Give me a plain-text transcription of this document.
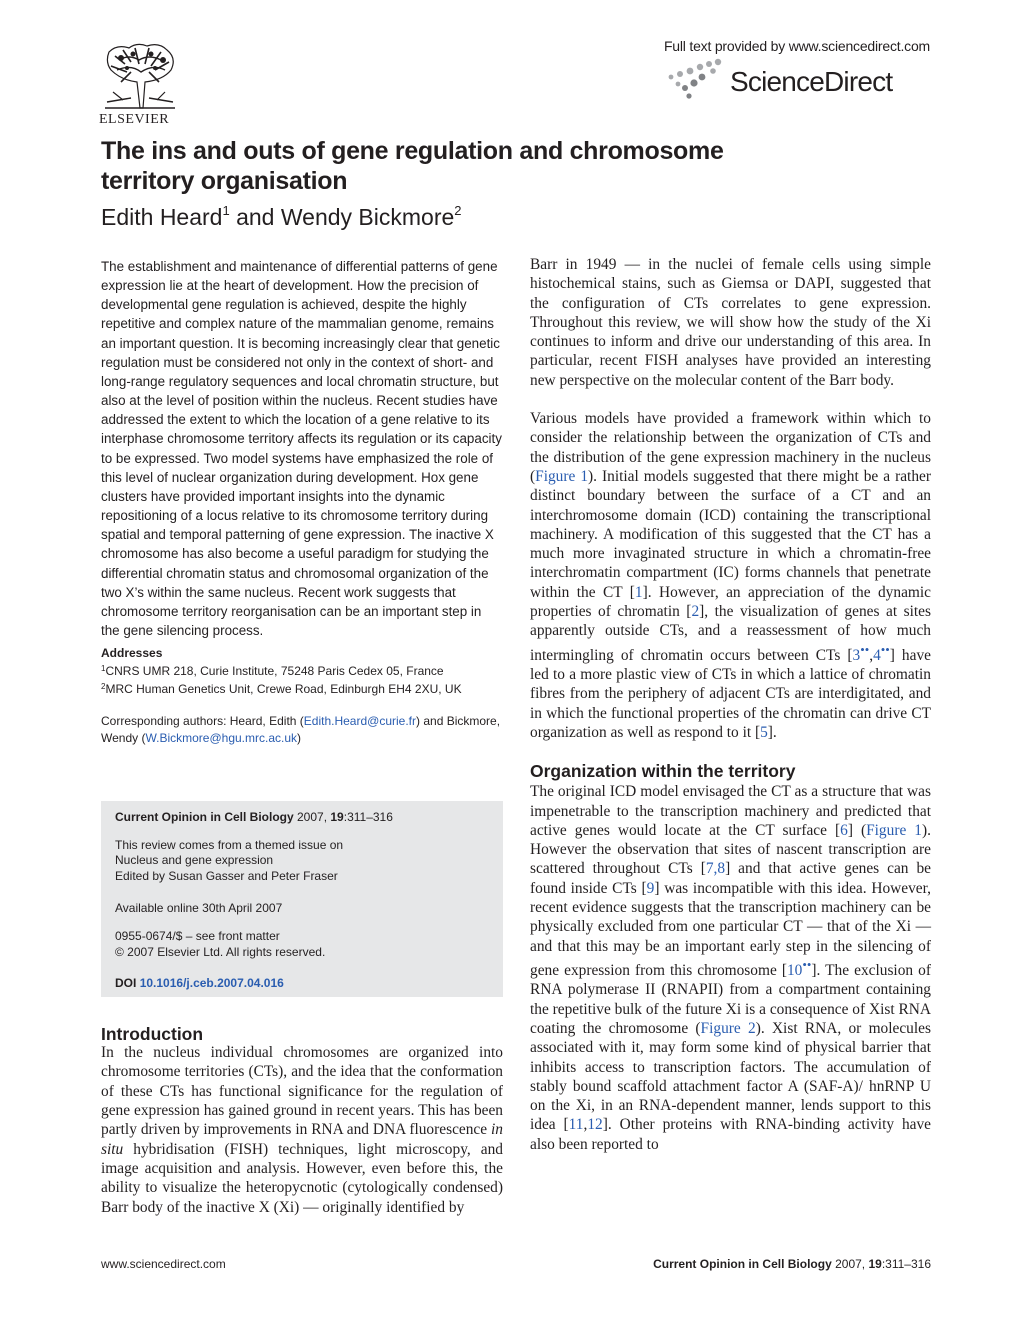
ELSEVIER
Full text provided by www.sciencedirect.com
ScienceDirect
The ins and outs of gene regulation and chromosome territory organisation
Edith Heard$^1$ and Wendy Bickmore$^2$

The establishment and maintenance of differential patterns of gene expression lie at the heart of development. How the precision of developmental gene regulation is achieved, despite the highly repetitive and complex nature of the mammalian genome, remains an important question. It is becoming increasingly clear that genetic regulation must be considered not only in the context of short- and long-range regulatory sequences and local chromatin structure, but also at the level of position within the nucleus. Recent studies have addressed the extent to which the location of a gene relative to its interphase chromosome territory affects its regulation or its capacity to be expressed. Two model systems have emphasized the role of this level of nuclear organization during development. Hox gene clusters have provided important insights into the dynamic repositioning of a locus relative to its chromosome territory during spatial and temporal patterning of gene expression. The inactive X chromosome has also become a useful paradigm for studying the differential chromatin status and chromosomal organization of the two X’s within the same nucleus. Recent work suggests that chromosome territory reorganisation can be an important step in the gene silencing process.

Addresses
$^1$CNRS UMR 218, Curie Institute, 75248 Paris Cedex 05, France
$^2$MRC Human Genetics Unit, Crewe Road, Edinburgh EH4 2XU, UK
Corresponding authors: Heard, Edith (Edith.Heard@curie.fr) and Bickmore, Wendy (W.Bickmore@hgu.mrc.ac.uk)
Current Opinion in Cell Biology 2007, 19:311–316
This review comes from a themed issue on
Nucleus and gene expression
Edited by Susan Gasser and Peter Fraser
Available online 30th April 2007
0955-0674/$ – see front matter
© 2007 Elsevier Ltd. All rights reserved.
DOI 10.1016/j.ceb.2007.04.016
Introduction

In the nucleus individual chromosomes are organized into chromosome territories (CTs), and the idea that the conformation of these CTs has functional significance for the regulation of gene expression has gained ground in recent years. This has been partly driven by improvements in RNA and DNA fluorescence in situ hybridisation (FISH) techniques, light microscopy, and image acquisition and analysis. However, even before this, the ability to visualize the heteropycnotic (cytologically condensed) Barr body of the inactive X (Xi) — originally identified by

Barr in 1949 — in the nuclei of female cells using simple histochemical stains, such as Giemsa or DAPI, suggested that the configuration of CTs correlates to gene expression. Throughout this review, we will show how the study of the Xi continues to inform and drive our understanding of this area. In particular, recent FISH analyses have provided an interesting new perspective on the molecular content of the Barr body.

Various models have provided a framework within which to consider the relationship between the organization of CTs and the distribution of the gene expression machinery in the nucleus (Figure 1). Initial models suggested that there might be a rather distinct boundary between the surface of a CT and an interchromosome domain (ICD) containing the transcriptional machinery. A modification of this suggested that the CT has a much more invaginated structure in which a chromatin-free interchromatin compartment (IC) forms channels that penetrate within the CT [1]. However, an appreciation of the dynamic properties of chromatin [2], the visualization of genes at sites apparently outside CTs, and a reassessment of how much intermingling of chromatin occurs between CTs [3••,4••] have led to a more plastic view of CTs in which a lattice of chromatin fibres from the periphery of adjacent CTs are interdigitated, and in which the functional properties of the chromatin can drive CT organization as well as respond to it [5].

Organization within the territory

The original ICD model envisaged the CT as a structure that was impenetrable to the transcription machinery and predicted that active genes would locate at the CT surface [6] (Figure 1). However the observation that sites of nascent transcription are scattered throughout CTs [7,8] and that active genes can be found inside CTs [9] was incompatible with this idea. However, recent evidence suggests that the transcription machinery can be physically excluded from one particular CT — that of the Xi — and that this may be an important early step in the silencing of gene expression from this chromosome [10••]. The exclusion of RNA polymerase II (RNAPII) from a compartment containing the repetitive bulk of the future Xi is a consequence of Xist RNA coating the chromosome (Figure 2). Xist RNA, or molecules associated with it, may form some kind of physical barrier that inhibits access to transcription factors. The accumulation of stably bound scaffold attachment factor A (SAF-A)/ hnRNP U on the Xi, in an RNA-dependent manner, lends support to this idea [11,12]. Other proteins with RNA-binding activity have also been reported to

www.sciencedirect.com	Current Opinion in Cell Biology 2007, 19:311–316
